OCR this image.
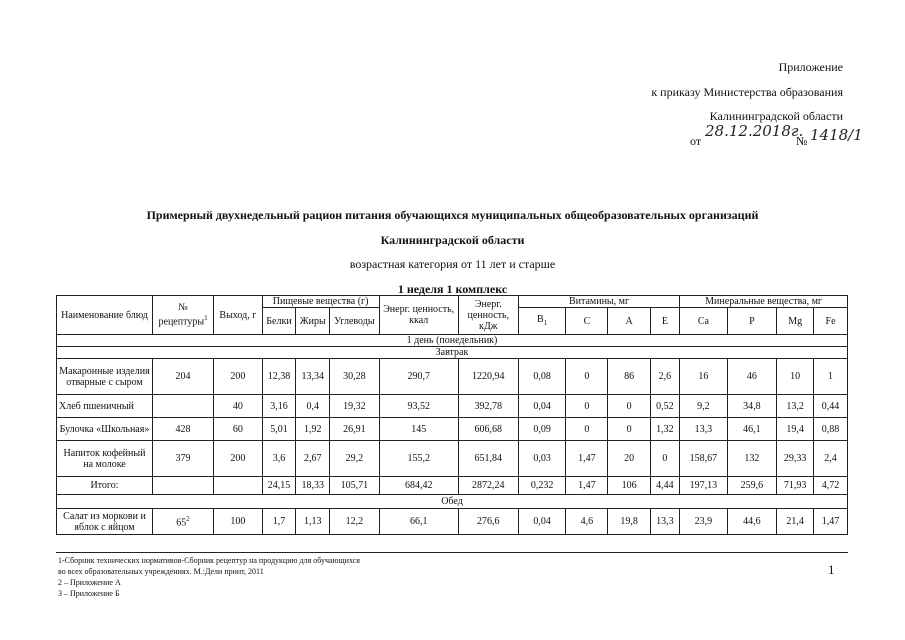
Приложение
к приказу Министерства образования
Калининградской области
от
28.12.2018г.
№ 1418/1
Примерный двухнедельный рацион питания обучающихся муниципальных общеобразовательных организаций
Калининградской области
возрастная категория от 11 лет и старше
1 неделя 1 комплекс
Наименование блюд	№ рецептуры$^1$	Выход, г	Пищевые вещества (г)			Энерг. ценность, ккал	Энерг. ценность, кДж	Витамины, мг				Минеральные вещества, мг			
			Белки	Жиры	Углеводы			$B_1$	C	A	E	Ca	P	Mg	Fe
1 день (понедельник)															
Завтрак															
Макаронные изделия отварные с сыром	204	200	12,38	13,34	30,28	290,7	1220,94	0,08	0	86	2,6	16	46	10	1
Хлеб пшеничный		40	3,16	0,4	19,32	93,52	392,78	0,04	0	0	0,52	9,2	34,8	13,2	0,44
Булочка «Школьная»	428	60	5,01	1,92	26,91	145	606,68	0,09	0	0	1,32	13,3	46,1	19,4	0,88
Напиток кофейный на молоке	379	200	3,6	2,67	29,2	155,2	651,84	0,03	1,47	20	0	158,67	132	29,33	2,4
Итого:			24,15	18,33	105,71	684,42	2872,24	0,232	1,47	106	4,44	197,13	259,6	71,93	4,72
Обед															
Салат из моркови и яблок с яйцом	$65^2$	100	1,7	1,13	12,2	66,1	276,6	0,04	4,6	19,8	13,3	23,9	44,6	21,4	1,47
1-Сборник технических нормативов-Сборник рецептур на продукцию для обучающихся
во всех образовательных учреждениях. М.:Дели принт, 2011
2 – Приложение А
3 – Приложение Б
1
